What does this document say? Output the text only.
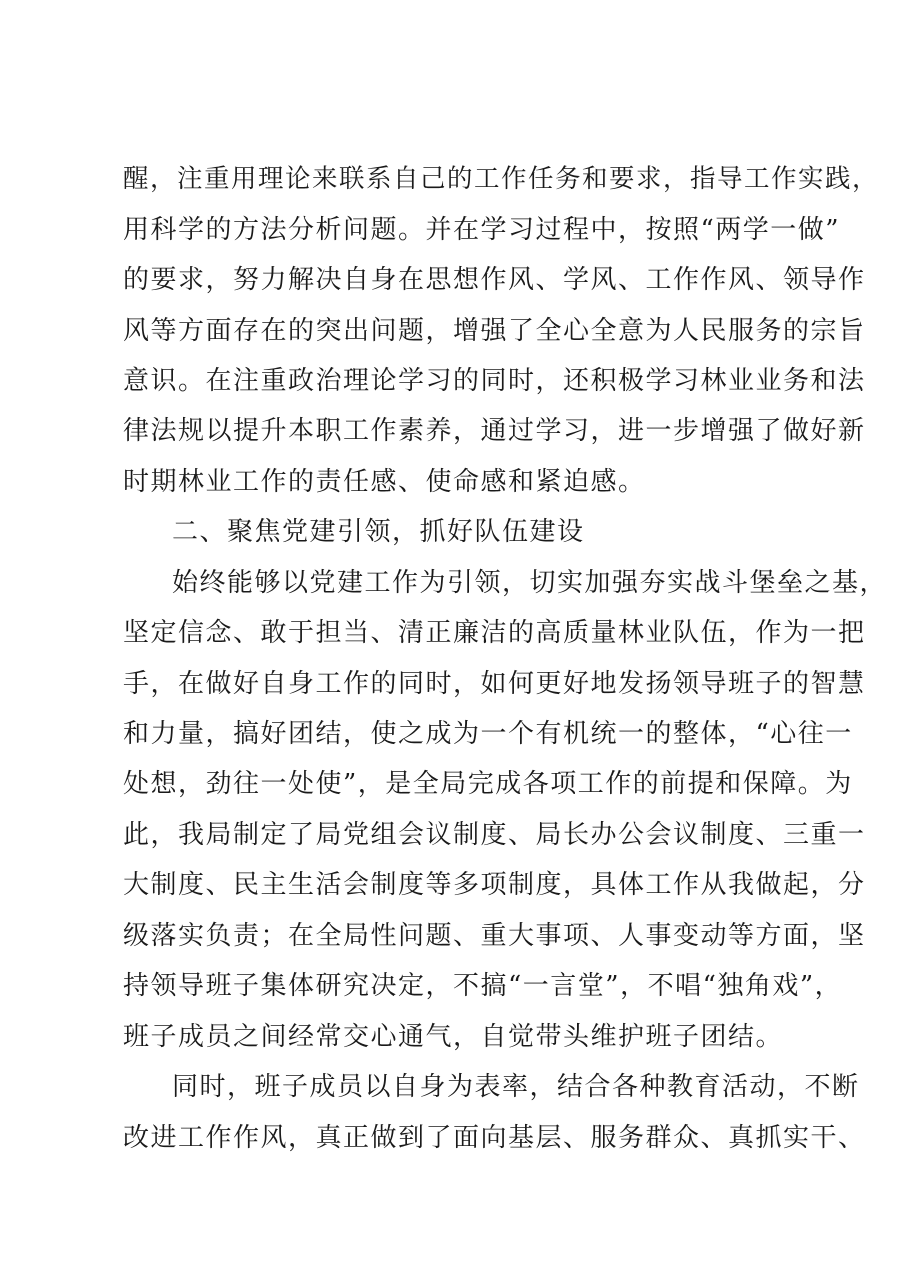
醒，注重用理论来联系自己的工作任务和要求，指导工作实践，
用科学的方法分析问题。并在学习过程中，按照“两学一做”
的要求，努力解决自身在思想作风、学风、工作作风、领导作
风等方面存在的突出问题，增强了全心全意为人民服务的宗旨
意识。在注重政治理论学习的同时，还积极学习林业业务和法
律法规以提升本职工作素养，通过学习，进一步增强了做好新
时期林业工作的责任感、使命感和紧迫感。
二、聚焦党建引领，抓好队伍建设
始终能够以党建工作为引领，切实加强夯实战斗堡垒之基，
坚定信念、敢于担当、清正廉洁的高质量林业队伍，作为一把
手，在做好自身工作的同时，如何更好地发扬领导班子的智慧
和力量，搞好团结，使之成为一个有机统一的整体，“心往一
处想，劲往一处使”，是全局完成各项工作的前提和保障。为
此，我局制定了局党组会议制度、局长办公会议制度、三重一
大制度、民主生活会制度等多项制度，具体工作从我做起，分
级落实负责；在全局性问题、重大事项、人事变动等方面，坚
持领导班子集体研究决定，不搞“一言堂”，不唱“独角戏”，
班子成员之间经常交心通气，自觉带头维护班子团结。
同时，班子成员以自身为表率，结合各种教育活动，不断
改进工作作风，真正做到了面向基层、服务群众、真抓实干、
